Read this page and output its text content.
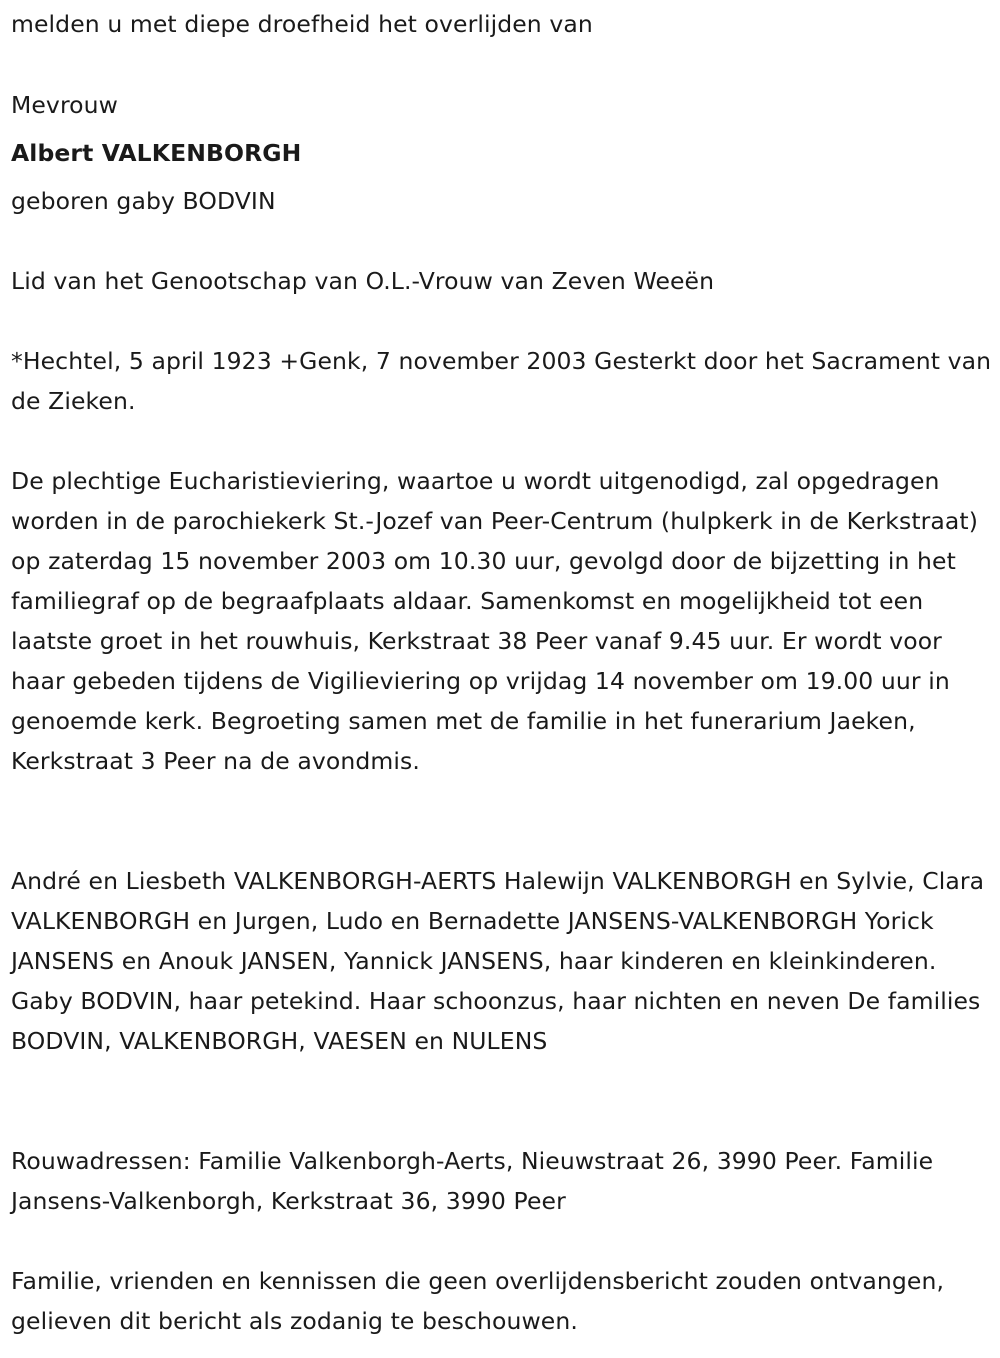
melden u met diepe droefheid het overlijden van
Mevrouw
Albert VALKENBORGH
geboren gaby BODVIN
Lid van het Genootschap van O.L.-Vrouw van Zeven Weeën
*Hechtel, 5 april 1923 +Genk, 7 november 2003 Gesterkt door het Sacrament van de Zieken.
De plechtige Eucharistieviering, waartoe u wordt uitgenodigd, zal opgedragen worden in de parochiekerk St.-Jozef van Peer-Centrum (hulpkerk in de Kerkstraat) op zaterdag 15 november 2003 om 10.30 uur, gevolgd door de bijzetting in het familiegraf op de begraafplaats aldaar. Samenkomst en mogelijkheid tot een laatste groet in het rouwhuis, Kerkstraat 38 Peer vanaf 9.45 uur. Er wordt voor haar gebeden tijdens de Vigilieviering op vrijdag 14 november om 19.00 uur in genoemde kerk. Begroeting samen met de familie in het funerarium Jaeken, Kerkstraat 3 Peer na de avondmis.
André en Liesbeth VALKENBORGH-AERTS Halewijn VALKENBORGH en Sylvie, Clara VALKENBORGH en Jurgen, Ludo en Bernadette JANSENS-VALKENBORGH Yorick JANSENS en Anouk JANSEN, Yannick JANSENS, haar kinderen en kleinkinderen. Gaby BODVIN, haar petekind. Haar schoonzus, haar nichten en neven De families BODVIN, VALKENBORGH, VAESEN en NULENS
Rouwadressen: Familie Valkenborgh-Aerts, Nieuwstraat 26, 3990 Peer. Familie Jansens-Valkenborgh, Kerkstraat 36, 3990 Peer
Familie, vrienden en kennissen die geen overlijdensbericht zouden ontvangen, gelieven dit bericht als zodanig te beschouwen.
